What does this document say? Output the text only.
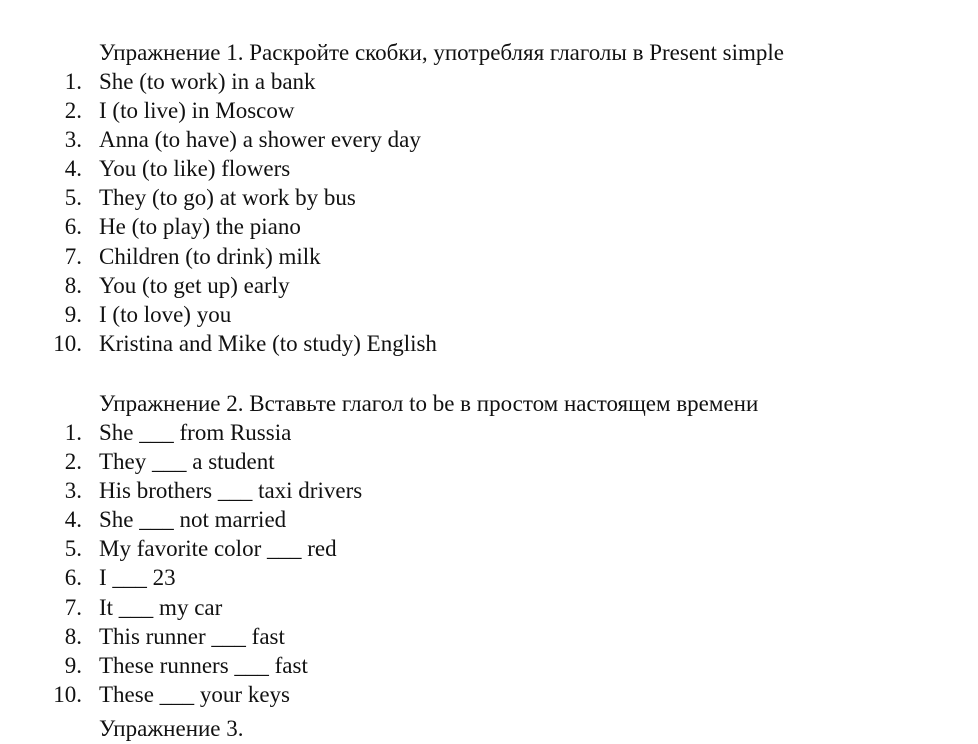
Упражнение 1. Раскройте скобки, употребляя глаголы в Present simple
1. She (to work) in a bank
2. I (to live) in Moscow
3. Anna (to have) a shower every day
4. You (to like) flowers
5. They (to go) at work by bus
6. He (to play) the piano
7. Children (to drink) milk
8. You (to get up) early
9. I (to love) you
10. Kristina and Mike (to study) English
Упражнение 2. Вставьте глагол to be в простом настоящем времени
1. She ___ from Russia
2. They ___ a student
3. His brothers ___ taxi drivers
4. She ___ not married
5. My favorite color ___ red
6. I ___ 23
7. It ___ my car
8. This runner ___ fast
9. These runners ___ fast
10. These ___ your keys
Упражнение 3.
